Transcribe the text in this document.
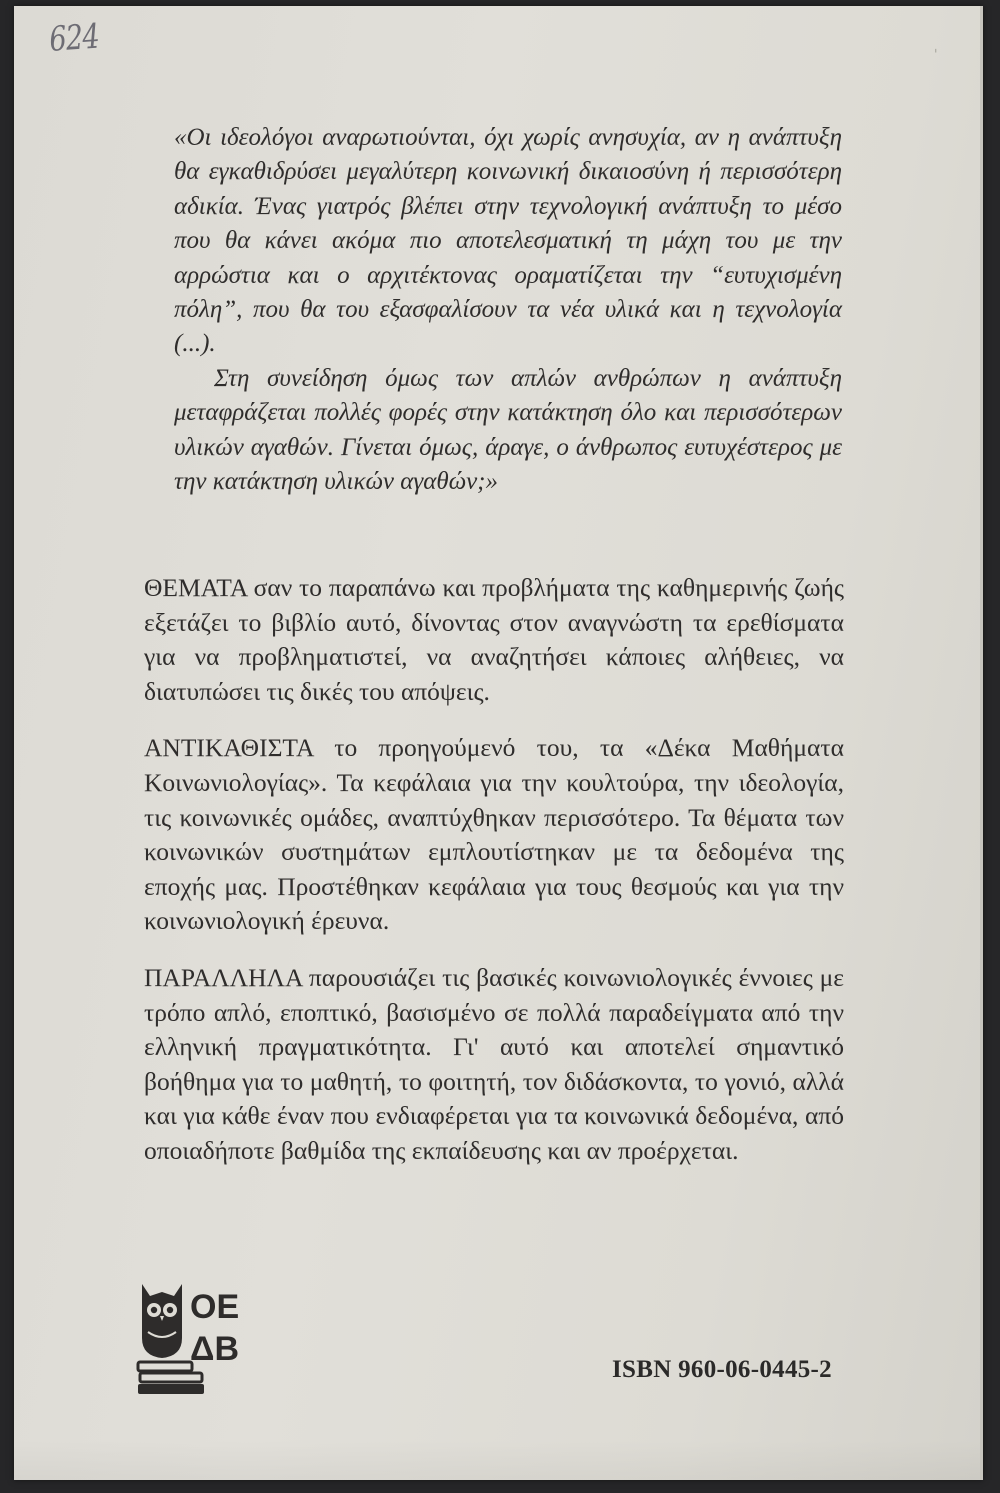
624	ˈ

«Οι ιδεολόγοι αναρωτιούνται, όχι χωρίς ανησυχία, αν η ανάπτυξη θα εγκαθιδρύσει μεγαλύτερη κοινωνική δικαιοσύνη ή περισσότερη αδικία. Ένας γιατρός βλέπει στην τεχνολογική ανάπτυξη το μέσο που θα κάνει ακόμα πιο αποτελεσματική τη μάχη του με την αρρώστια και ο αρχιτέκτονας οραματίζεται την “ευτυχισμένη πόλη”, που θα του εξασφαλίσουν τα νέα υλικά και η τεχνολογία (...).

Στη συνείδηση όμως των απλών ανθρώπων η ανάπτυξη μεταφράζεται πολλές φορές στην κατάκτηση όλο και περισσότερων υλικών αγαθών. Γίνεται όμως, άραγε, ο άνθρωπος ευτυχέστερος με την κατάκτηση υλικών αγαθών;»

ΘΕΜΑΤΑ σαν το παραπάνω και προβλήματα της καθημερινής ζωής εξετάζει το βιβλίο αυτό, δίνοντας στον αναγνώστη τα ερεθίσματα για να προβληματιστεί, να αναζητήσει κάποιες αλήθειες, να διατυπώσει τις δικές του απόψεις.

ΑΝΤΙΚΑΘΙΣΤΑ το προηγούμενό του, τα «Δέκα Μαθήματα Κοινωνιολογίας». Τα κεφάλαια για την κουλτούρα, την ιδεολογία, τις κοινωνικές ομάδες, αναπτύχθηκαν περισσότερο. Τα θέματα των κοινωνικών συστημάτων εμπλουτίστηκαν με τα δεδομένα της εποχής μας. Προστέθηκαν κεφάλαια για τους θεσμούς και για την κοινωνιολογική έρευνα.

ΠΑΡΑΛΛΗΛΑ παρουσιάζει τις βασικές κοινωνιολογικές έννοιες με τρόπο απλό, εποπτικό, βασισμένο σε πολλά παραδείγματα από την ελληνική πραγματικότητα. Γι' αυτό και αποτελεί σημαντικό βοήθημα για το μαθητή, το φοιτητή, τον διδάσκοντα, το γονιό, αλλά και για κάθε έναν που ενδιαφέρεται για τα κοινωνικά δεδομένα, από οποιαδήποτε βαθμίδα της εκπαίδευσης και αν προέρχεται.

ΟΕ
ΔΒ
ISBN 960-06-0445-2
